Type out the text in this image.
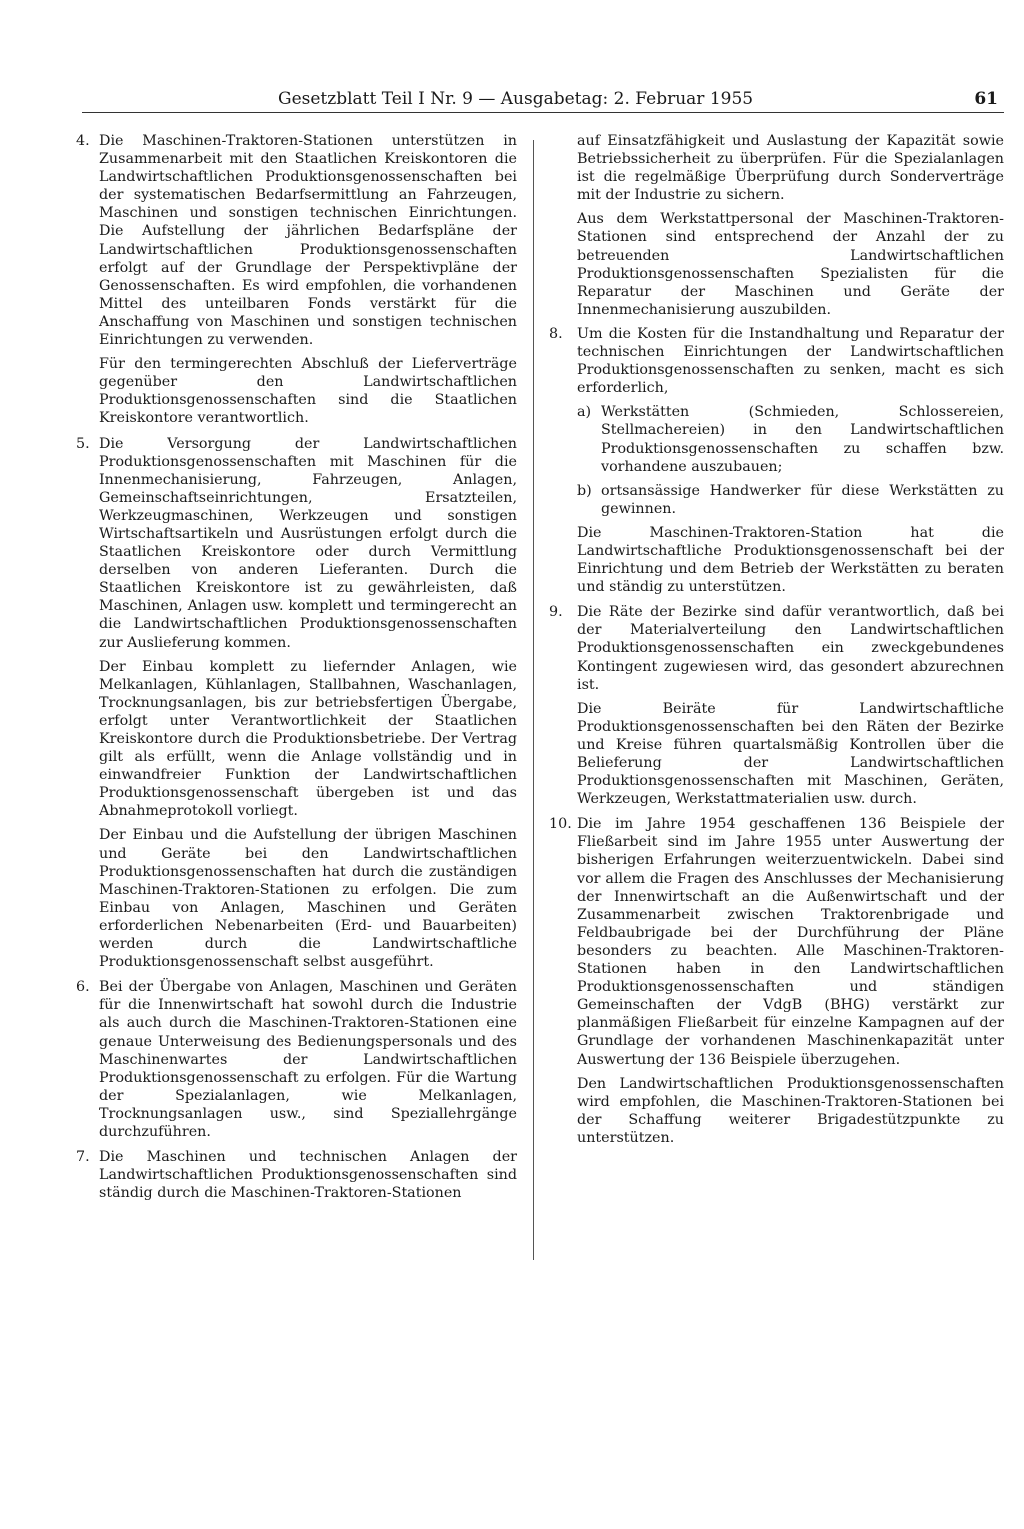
Gesetzblatt Teil I Nr. 9 — Ausgabetag: 2. Februar 1955	61
4. Die Maschinen-Traktoren-Stationen unterstützen in Zusammenarbeit mit den Staatlichen Kreiskontoren die Landwirtschaftlichen Produktionsgenossenschaften bei der systematischen Bedarfsermittlung an Fahrzeugen, Maschinen und sonstigen technischen Einrichtungen. Die Aufstellung der jährlichen Bedarfspläne der Landwirtschaftlichen Produktionsgenossenschaften erfolgt auf der Grundlage der Perspektivpläne der Genossenschaften. Es wird empfohlen, die vorhandenen Mittel des unteilbaren Fonds verstärkt für die Anschaffung von Maschinen und sonstigen technischen Einrichtungen zu verwenden.

Für den termingerechten Abschluß der Lieferverträge gegenüber den Landwirtschaftlichen Produktionsgenossenschaften sind die Staatlichen Kreiskontore verantwortlich.

5. Die Versorgung der Landwirtschaftlichen Produktionsgenossenschaften mit Maschinen für die Innenmechanisierung, Fahrzeugen, Anlagen, Gemeinschaftseinrichtungen, Ersatzteilen, Werkzeugmaschinen, Werkzeugen und sonstigen Wirtschaftsartikeln und Ausrüstungen erfolgt durch die Staatlichen Kreiskontore oder durch Vermittlung derselben von anderen Lieferanten. Durch die Staatlichen Kreiskontore ist zu gewährleisten, daß Maschinen, Anlagen usw. komplett und termingerecht an die Landwirtschaftlichen Produktionsgenossenschaften zur Auslieferung kommen.

Der Einbau komplett zu liefernder Anlagen, wie Melkanlagen, Kühlanlagen, Stallbahnen, Waschanlagen, Trocknungsanlagen, bis zur betriebsfertigen Übergabe, erfolgt unter Verantwortlichkeit der Staatlichen Kreiskontore durch die Produktionsbetriebe. Der Vertrag gilt als erfüllt, wenn die Anlage vollständig und in einwandfreier Funktion der Landwirtschaftlichen Produktionsgenossenschaft übergeben ist und das Abnahmeprotokoll vorliegt.

Der Einbau und die Aufstellung der übrigen Maschinen und Geräte bei den Landwirtschaftlichen Produktionsgenossenschaften hat durch die zuständigen Maschinen-Traktoren-Stationen zu erfolgen. Die zum Einbau von Anlagen, Maschinen und Geräten erforderlichen Nebenarbeiten (Erd- und Bauarbeiten) werden durch die Landwirtschaftliche Produktionsgenossenschaft selbst ausgeführt.

6. Bei der Übergabe von Anlagen, Maschinen und Geräten für die Innenwirtschaft hat sowohl durch die Industrie als auch durch die Maschinen-Traktoren-Stationen eine genaue Unterweisung des Bedienungspersonals und des Maschinenwartes der Landwirtschaftlichen Produktionsgenossenschaft zu erfolgen. Für die Wartung der Spezialanlagen, wie Melkanlagen, Trocknungsanlagen usw., sind Speziallehrgänge durchzuführen.

7. Die Maschinen und technischen Anlagen der Landwirtschaftlichen Produktionsgenossenschaften sind ständig durch die Maschinen-Traktoren-Stationen

auf Einsatzfähigkeit und Auslastung der Kapazität sowie Betriebssicherheit zu überprüfen. Für die Spezialanlagen ist die regelmäßige Überprüfung durch Sonderverträge mit der Industrie zu sichern.

Aus dem Werkstattpersonal der Maschinen-Traktoren-Stationen sind entsprechend der Anzahl der zu betreuenden Landwirtschaftlichen Produktionsgenossenschaften Spezialisten für die Reparatur der Maschinen und Geräte der Innenmechanisierung auszubilden.

8. Um die Kosten für die Instandhaltung und Reparatur der technischen Einrichtungen der Landwirtschaftlichen Produktionsgenossenschaften zu senken, macht es sich erforderlich,

a) Werkstätten (Schmieden, Schlossereien, Stellmachereien) in den Landwirtschaftlichen Produktionsgenossenschaften zu schaffen bzw. vorhandene auszubauen;
b) ortsansässige Handwerker für diese Werkstätten zu gewinnen.

Die Maschinen-Traktoren-Station hat die Landwirtschaftliche Produktionsgenossenschaft bei der Einrichtung und dem Betrieb der Werkstätten zu beraten und ständig zu unterstützen.

9. Die Räte der Bezirke sind dafür verantwortlich, daß bei der Materialverteilung den Landwirtschaftlichen Produktionsgenossenschaften ein zweckgebundenes Kontingent zugewiesen wird, das gesondert abzurechnen ist.

Die Beiräte für Landwirtschaftliche Produktionsgenossenschaften bei den Räten der Bezirke und Kreise führen quartalsmäßig Kontrollen über die Belieferung der Landwirtschaftlichen Produktionsgenossenschaften mit Maschinen, Geräten, Werkzeugen, Werkstattmaterialien usw. durch.

10. Die im Jahre 1954 geschaffenen 136 Beispiele der Fließarbeit sind im Jahre 1955 unter Auswertung der bisherigen Erfahrungen weiterzuentwickeln. Dabei sind vor allem die Fragen des Anschlusses der Mechanisierung der Innenwirtschaft an die Außenwirtschaft und der Zusammenarbeit zwischen Traktorenbrigade und Feldbaubrigade bei der Durchführung der Pläne besonders zu beachten. Alle Maschinen-Traktoren-Stationen haben in den Landwirtschaftlichen Produktionsgenossenschaften und ständigen Gemeinschaften der VdgB (BHG) verstärkt zur planmäßigen Fließarbeit für einzelne Kampagnen auf der Grundlage der vorhandenen Maschinenkapazität unter Auswertung der 136 Beispiele überzugehen.

Den Landwirtschaftlichen Produktionsgenossenschaften wird empfohlen, die Maschinen-Traktoren-Stationen bei der Schaffung weiterer Brigadestützpunkte zu unterstützen.
